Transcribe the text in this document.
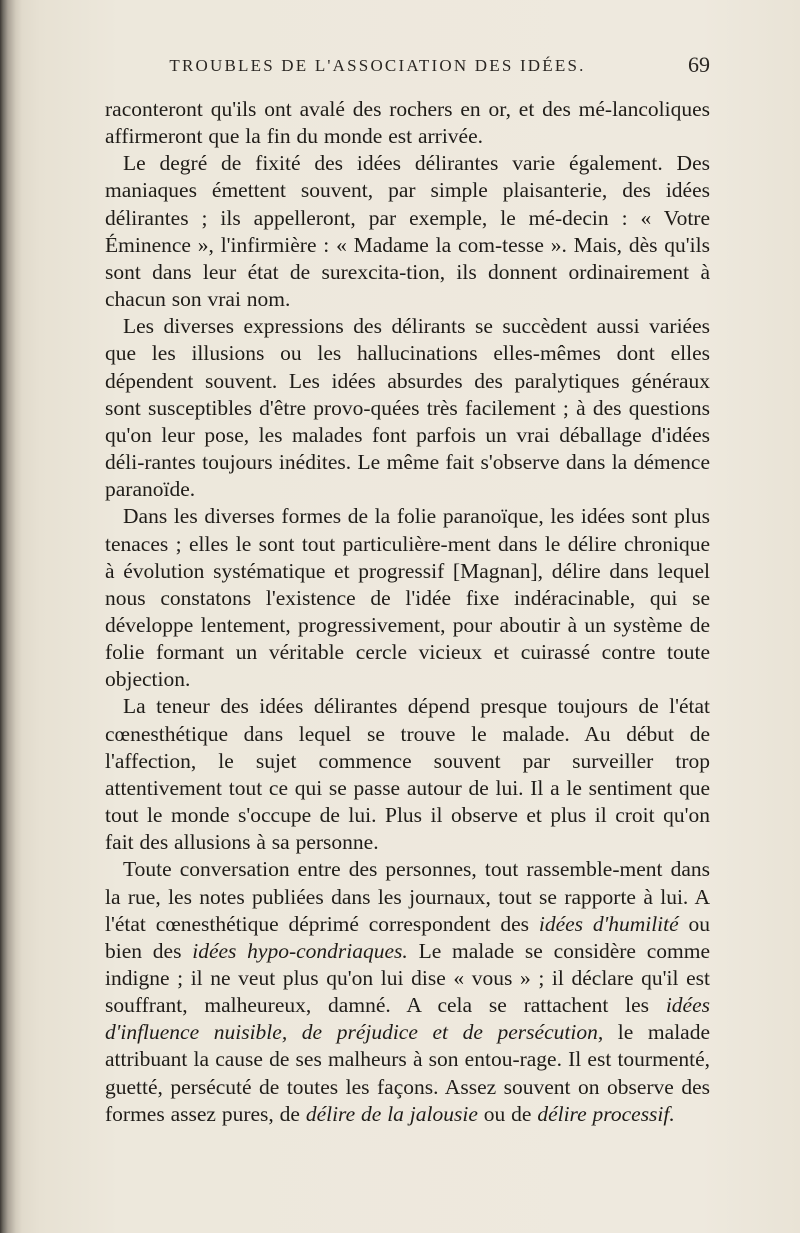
TROUBLES DE L'ASSOCIATION DES IDÉES.	69

raconteront qu'ils ont avalé des rochers en or, et des mé-lancoliques affirmeront que la fin du monde est arrivée.

Le degré de fixité des idées délirantes varie également. Des maniaques émettent souvent, par simple plaisanterie, des idées délirantes ; ils appelleront, par exemple, le mé-decin : « Votre Éminence », l'infirmière : « Madame la com-tesse ». Mais, dès qu'ils sont dans leur état de surexcita-tion, ils donnent ordinairement à chacun son vrai nom.

Les diverses expressions des délirants se succèdent aussi variées que les illusions ou les hallucinations elles-mêmes dont elles dépendent souvent. Les idées absurdes des paralytiques généraux sont susceptibles d'être provo-quées très facilement ; à des questions qu'on leur pose, les malades font parfois un vrai déballage d'idées déli-rantes toujours inédites. Le même fait s'observe dans la démence paranoïde.

Dans les diverses formes de la folie paranoïque, les idées sont plus tenaces ; elles le sont tout particulière-ment dans le délire chronique à évolution systématique et progressif [Magnan], délire dans lequel nous constatons l'existence de l'idée fixe indéracinable, qui se développe lentement, progressivement, pour aboutir à un système de folie formant un véritable cercle vicieux et cuirassé contre toute objection.

La teneur des idées délirantes dépend presque toujours de l'état cœnesthétique dans lequel se trouve le malade. Au début de l'affection, le sujet commence souvent par surveiller trop attentivement tout ce qui se passe autour de lui. Il a le sentiment que tout le monde s'occupe de lui. Plus il observe et plus il croit qu'on fait des allusions à sa personne.

Toute conversation entre des personnes, tout rassemble-ment dans la rue, les notes publiées dans les journaux, tout se rapporte à lui. A l'état cœnesthétique déprimé correspondent des idées d'humilité ou bien des idées hypo-condriaques. Le malade se considère comme indigne ; il ne veut plus qu'on lui dise « vous » ; il déclare qu'il est souffrant, malheureux, damné. A cela se rattachent les idées d'influence nuisible, de préjudice et de persécution, le malade attribuant la cause de ses malheurs à son entou-rage. Il est tourmenté, guetté, persécuté de toutes les façons. Assez souvent on observe des formes assez pures, de délire de la jalousie ou de délire processif.
